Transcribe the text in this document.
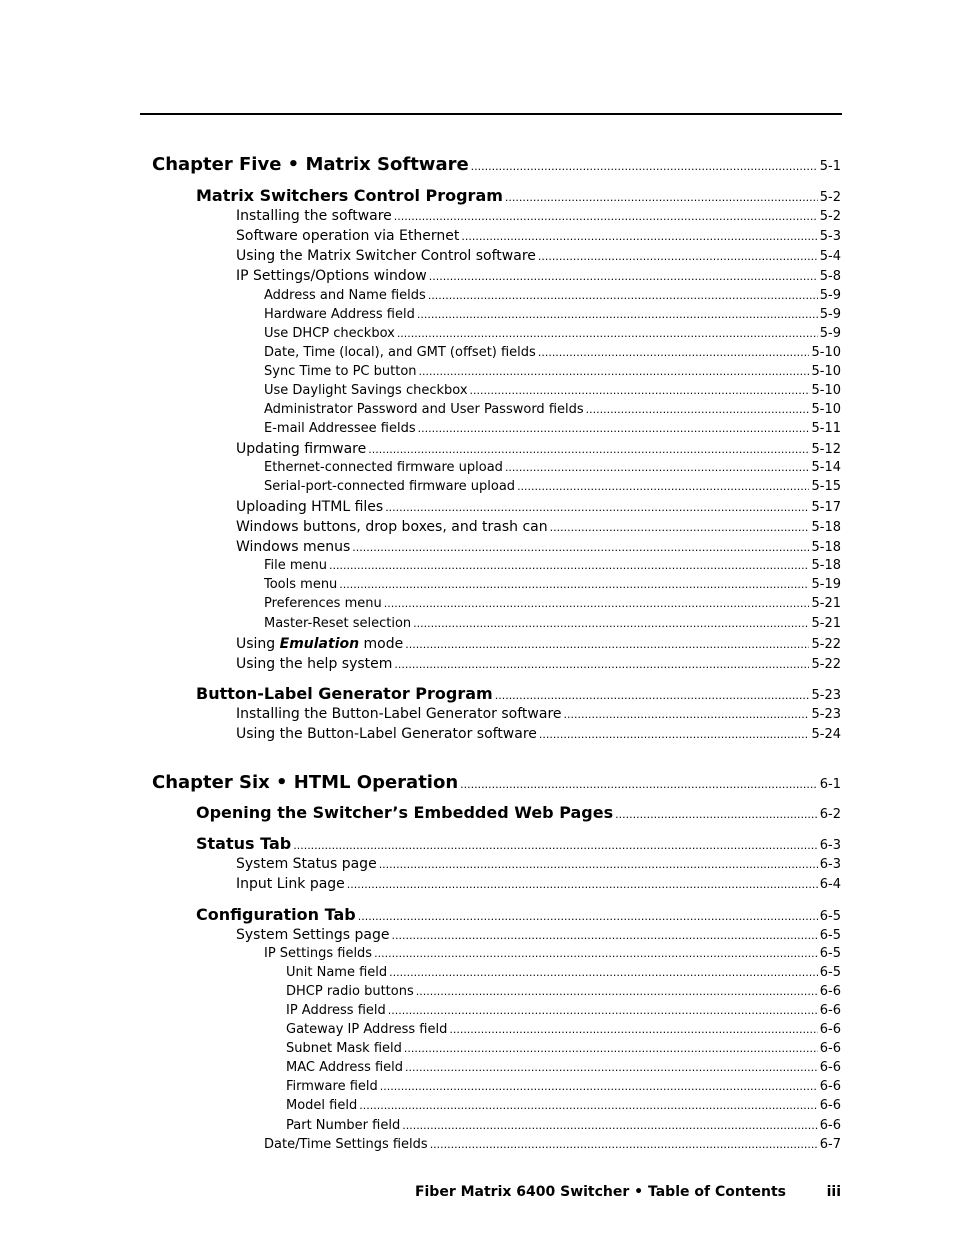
Chapter Five • Matrix Software .....	5-1
Matrix Switchers Control Program .....	5-2
Installing the software .....	5-2
Software operation via Ethernet .....	5-3
Using the Matrix Switcher Control software .....	5-4
IP Settings/Options window .....	5-8
Address and Name fields .....	5-9
Hardware Address field .....	5-9
Use DHCP checkbox .....	5-9
Date, Time (local), and GMT (offset) fields .....	5-10
Sync Time to PC button .....	5-10
Use Daylight Savings checkbox .....	5-10
Administrator Password and User Password fields .....	5-10
E-mail Addressee fields .....	5-11
Updating firmware .....	5-12
Ethernet-connected firmware upload .....	5-14
Serial-port-connected firmware upload .....	5-15
Uploading HTML files .....	5-17
Windows buttons, drop boxes, and trash can .....	5-18
Windows menus .....	5-18
File menu .....	5-18
Tools menu .....	5-19
Preferences menu .....	5-21
Master-Reset selection .....	5-21
Using Emulation mode .....	5-22
Using the help system .....	5-22
Button-Label Generator Program .....	5-23
Installing the Button-Label Generator software .....	5-23
Using the Button-Label Generator software .....	5-24
Chapter Six • HTML Operation .....	6-1
Opening the Switcher’s Embedded Web Pages .....	6-2
Status Tab .....	6-3
System Status page .....	6-3
Input Link page .....	6-4
Configuration Tab .....	6-5
System Settings page .....	6-5
IP Settings fields .....	6-5
Unit Name field .....	6-5
DHCP radio buttons .....	6-6
IP Address field .....	6-6
Gateway IP Address field .....	6-6
Subnet Mask field .....	6-6
MAC Address field .....	6-6
Firmware field .....	6-6
Model field .....	6-6
Part Number field .....	6-6
Date/Time Settings fields .....	6-7
Fiber Matrix 6400 Switcher • Table of Contents	iii
